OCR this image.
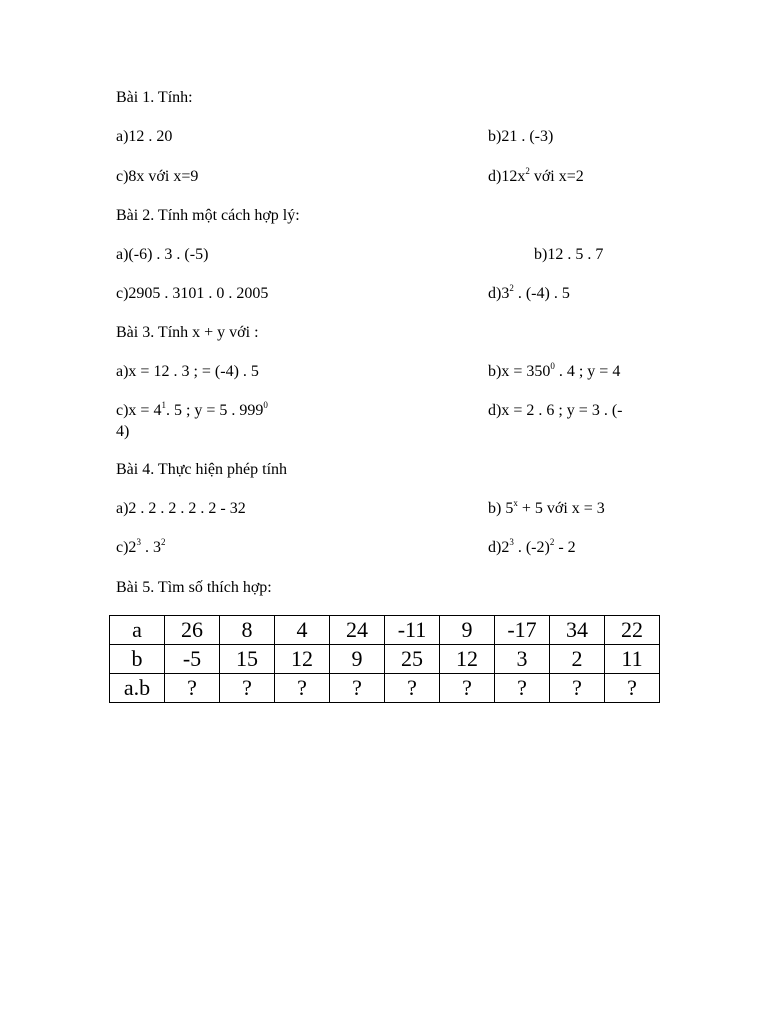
Bài 1. Tính:
a)12 . 20	b)21 . (-3)
c)8x với x=9	$d)12x^2$ với x=2
Bài 2. Tính một cách hợp lý:
a)(-6) . 3 . (-5)	b)12 . 5 . 7
c)2905 . 3101 . 0 . 2005	$d)3^2$ . (-4) . 5
Bài 3. Tính x + y với :
a)x = 12 . 3 ; = (-4) . 5	$b)x = 350^0$ . 4 ; y = 4
$c)x = 4^1$. 5 ; y = 5 . $999^0$
4)
d)x = 2 . 6 ; y = 3 . (-
Bài 4. Thực hiện phép tính
a)2 . 2 . 2 . 2 . 2 - 32	b) $5^x + 5$ với x = 3
$c)2^3$ . $3^2$	$d)2^3$ . $(-2)^2 - 2$
Bài 5. Tìm số thích hợp:
a	26	8	4	24	-11	9	-17	34	22
b	-5	15	12	9	25	12	3	2	11
a.b	?	?	?	?	?	?	?	?	?
